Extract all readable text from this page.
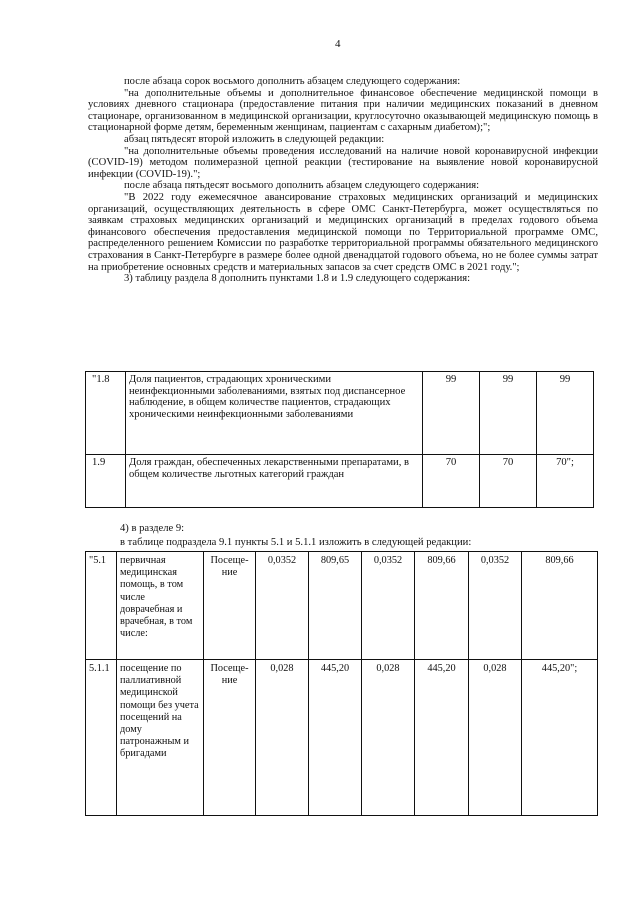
4

после абзаца сорок восьмого дополнить абзацем следующего содержания:

"на дополнительные объемы и дополнительное финансовое обеспечение медицинской помощи в условиях дневного стационара (предоставление питания при наличии медицинских показаний в дневном стационаре, организованном в медицинской организации, круглосуточно оказывающей медицинскую помощь в стационарной форме детям, беременным женщинам, пациентам с сахарным диабетом);";

абзац пятьдесят второй изложить в следующей редакции:

"на дополнительные объемы проведения исследований на наличие новой коронавирусной инфекции (COVID-19) методом полимеразной цепной реакции (тестирование на выявление новой коронавирусной инфекции (COVID-19).";

после абзаца пятьдесят восьмого дополнить абзацем следующего содержания:

"В 2022 году ежемесячное авансирование страховых медицинских организаций и медицинских организаций, осуществляющих деятельность в сфере ОМС Санкт-Петербурга, может осуществляться по заявкам страховых медицинских организаций и медицинских организаций в пределах годового объема финансового обеспечения предоставления медицинской помощи по Территориальной программе ОМС, распределенного решением Комиссии по разработке территориальной программы обязательного медицинского страхования в Санкт-Петербурге в размере более одной двенадцатой годового объема, но не более суммы затрат на приобретение основных средств и материальных запасов за счет средств ОМС в 2021 году.";

3) таблицу раздела 8 дополнить пунктами 1.8 и 1.9 следующего содержания:

"1.8	Доля пациентов, страдающих хроническими неинфекционными заболеваниями, взятых под диспансерное наблюдение, в общем количестве пациентов, страдающих хроническими неинфекционными заболеваниями	99	99	99
1.9	Доля граждан, обеспеченных лекарственными препаратами, в общем количестве льготных категорий граждан	70	70	70";
4) в разделе 9:
в таблице подраздела 9.1 пункты 5.1 и 5.1.1 изложить в следующей редакции:
"5.1	первичная медицинская помощь, в том числе доврачебная и врачебная, в том числе:	Посеще-ние	0,0352	809,65	0,0352	809,66	0,0352	809,66
5.1.1	посещение по паллиативной медицинской помощи без учета посещений на дому патронажным и бригадами	Посеще-ние	0,028	445,20	0,028	445,20	0,028	445,20";
